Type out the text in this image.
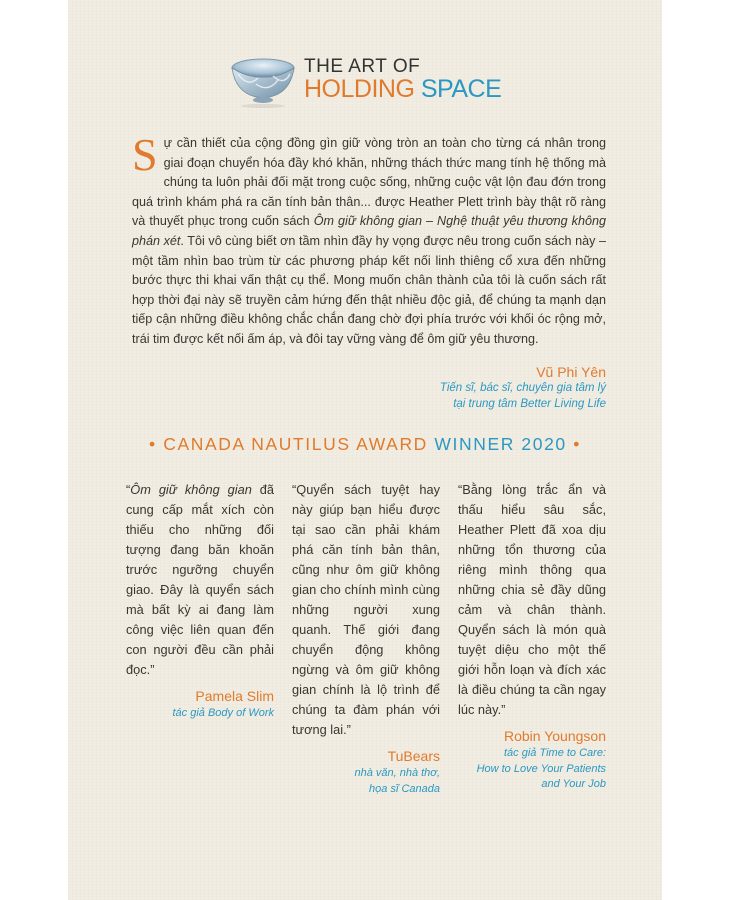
THE ART OF
HOLDING SPACE
Sự cần thiết của cộng đồng gìn giữ vòng tròn an toàn cho từng cá nhân trong giai đoạn chuyển hóa đầy khó khăn, những thách thức mang tính hệ thống mà chúng ta luôn phải đối mặt trong cuộc sống, những cuộc vật lộn đau đớn trong quá trình khám phá ra căn tính bản thân... được Heather Plett trình bày thật rõ ràng và thuyết phục trong cuốn sách Ôm giữ không gian – Nghệ thuật yêu thương không phán xét. Tôi vô cùng biết ơn tầm nhìn đầy hy vọng được nêu trong cuốn sách này – một tầm nhìn bao trùm từ các phương pháp kết nối linh thiêng cổ xưa đến những bước thực thi khai vấn thật cụ thể. Mong muốn chân thành của tôi là cuốn sách rất hợp thời đại này sẽ truyền cảm hứng đến thật nhiều độc giả, để chúng ta mạnh dạn tiếp cận những điều không chắc chắn đang chờ đợi phía trước với khối óc rộng mở, trái tim được kết nối ấm áp, và đôi tay vững vàng để ôm giữ yêu thương.
Vũ Phi Yên
Tiến sĩ, bác sĩ, chuyên gia tâm lý
tại trung tâm Better Living Life
• CANADA NAUTILUS AWARD WINNER 2020 •
“Ôm giữ không gian đã cung cấp mắt xích còn thiếu cho những đối tượng đang băn khoăn trước ngưỡng chuyển giao. Đây là quyển sách mà bất kỳ ai đang làm công việc liên quan đến con người đều cần phải đọc.”
Pamela Slim
tác giả Body of Work
“Quyển sách tuyệt hay này giúp bạn hiểu được tại sao cần phải khám phá căn tính bản thân, cũng như ôm giữ không gian cho chính mình cùng những người xung quanh. Thế giới đang chuyển động không ngừng và ôm giữ không gian chính là lộ trình để chúng ta đàm phán với tương lai.”
TuBears
nhà văn, nhà thơ,
họa sĩ Canada
“Bằng lòng trắc ẩn và thấu hiểu sâu sắc, Heather Plett đã xoa dịu những tổn thương của riêng mình thông qua những chia sẻ đầy dũng cảm và chân thành. Quyển sách là món quà tuyệt diệu cho một thế giới hỗn loạn và đích xác là điều chúng ta cần ngay lúc này.”
Robin Youngson
tác giả Time to Care:
How to Love Your Patients
and Your Job
